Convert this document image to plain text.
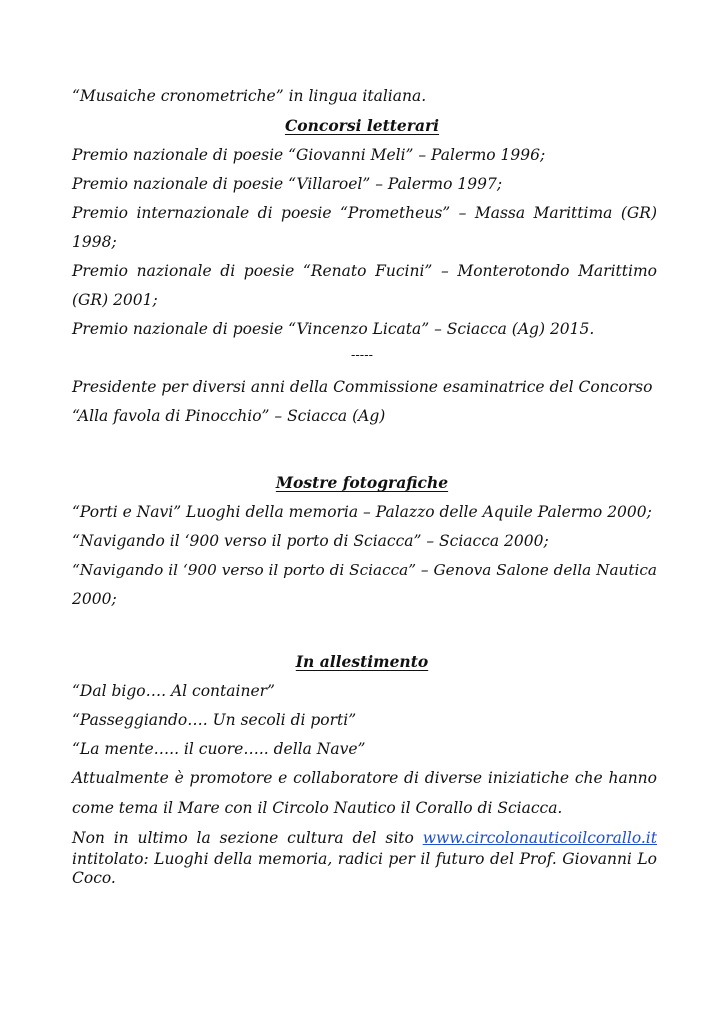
“Musaiche cronometriche” in lingua italiana.
Concorsi letterari
Premio nazionale di poesie “Giovanni Meli” – Palermo 1996;
Premio nazionale di poesie “Villaroel” – Palermo 1997;
Premio internazionale di poesie “Prometheus” – Massa Marittima (GR)
1998;
Premio nazionale di poesie “Renato Fucini” – Monterotondo Marittimo
(GR) 2001;
Premio nazionale di poesie “Vincenzo Licata” – Sciacca (Ag) 2015.
-----
Presidente per diversi anni della Commissione esaminatrice del Concorso
“Alla favola di Pinocchio” – Sciacca (Ag)
Mostre fotografiche
“Porti e Navi” Luoghi della memoria – Palazzo delle Aquile Palermo 2000;
“Navigando il ‘900 verso il porto di Sciacca” – Sciacca 2000;
“Navigando il ‘900 verso il porto di Sciacca” – Genova Salone della Nautica
2000;
In allestimento
“Dal bigo…. Al container”
“Passeggiando…. Un secoli di porti”
“La mente….. il cuore….. della Nave”
Attualmente è promotore e collaboratore di diverse iniziatiche che hanno
come tema il Mare con il Circolo Nautico il Corallo di Sciacca.
Non in ultimo la sezione cultura del sito www.circolonauticoilcorallo.it
intitolato: Luoghi della memoria, radici per il futuro del Prof. Giovanni Lo
Coco.
